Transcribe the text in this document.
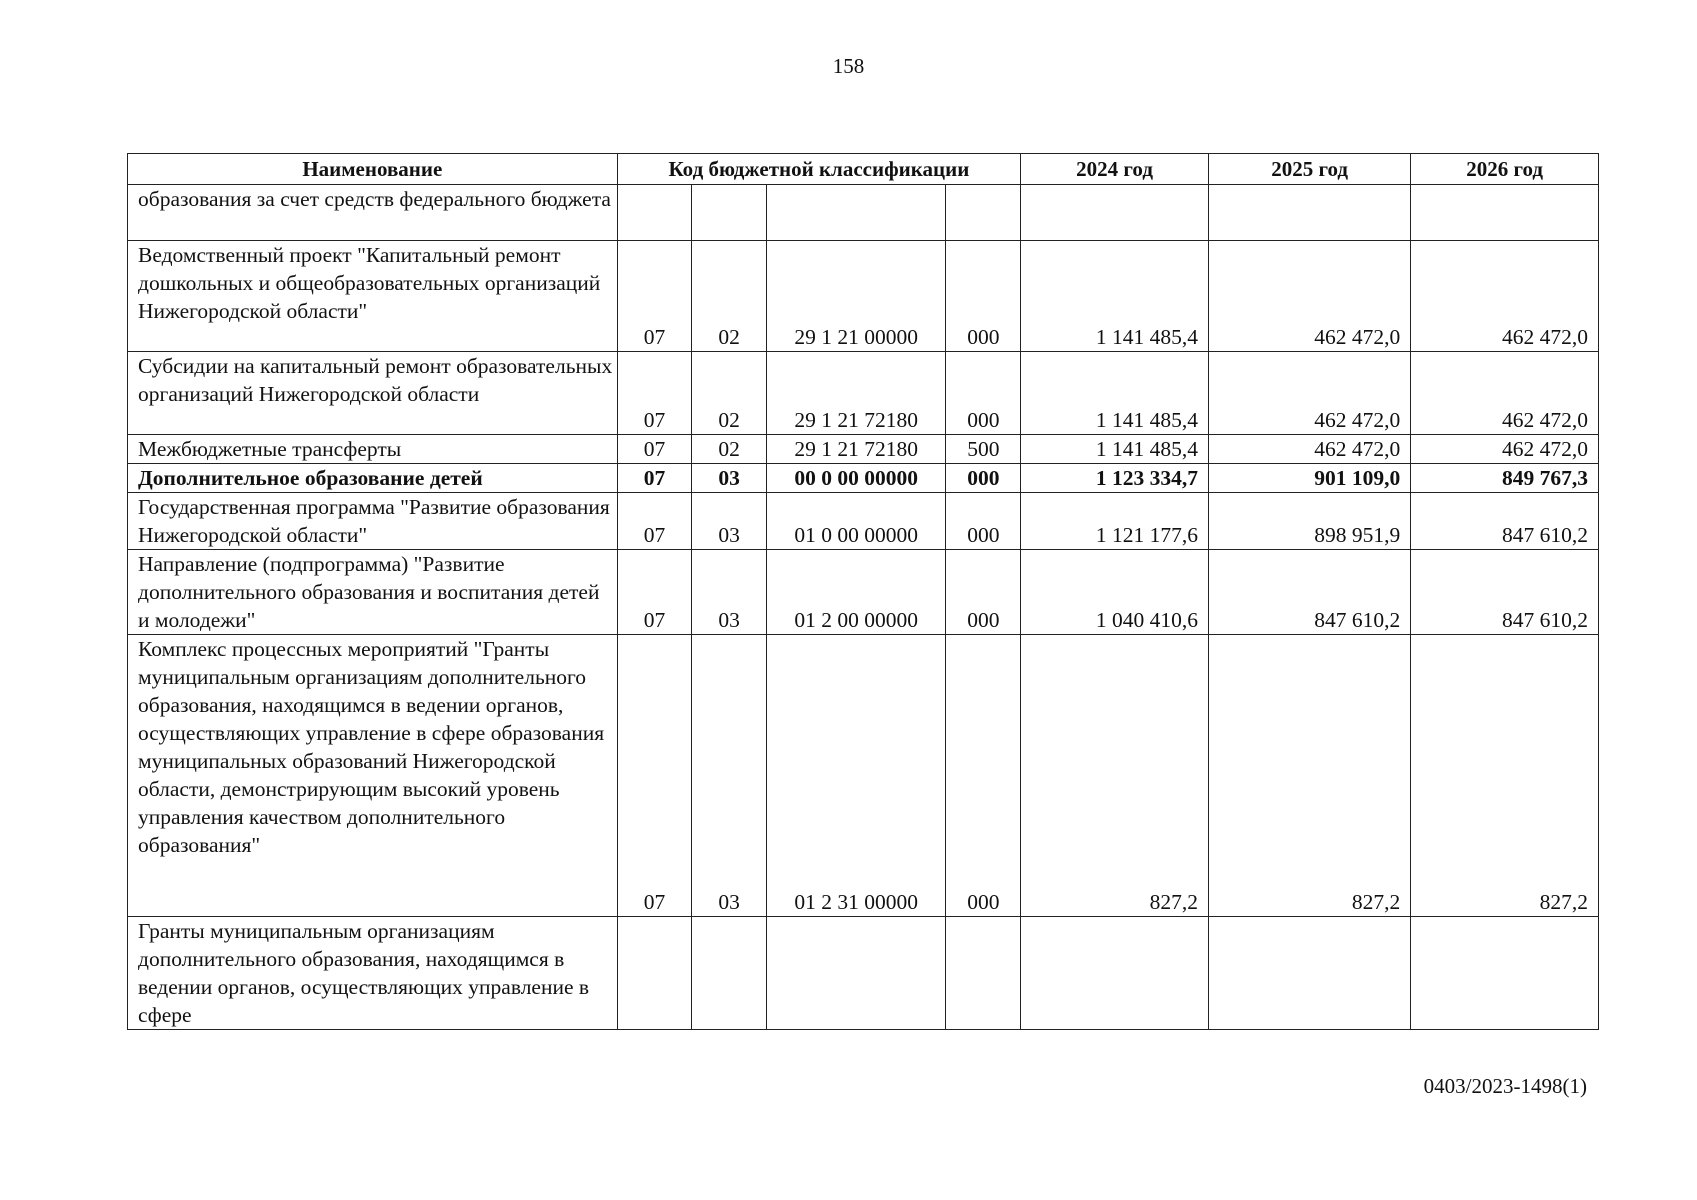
158
Наименование	Код бюджетной классификации				2024 год	2025 год	2026 год
образования за счет средств федерального бюджета							
Ведомственный проект "Капитальный ремонт дошкольных и общеобразовательных организаций Нижегородской области"	07	02	29 1 21 00000	000	1 141 485,4	462 472,0	462 472,0
Субсидии на капитальный ремонт образовательных организаций Нижегородской области	07	02	29 1 21 72180	000	1 141 485,4	462 472,0	462 472,0
Межбюджетные трансферты	07	02	29 1 21 72180	500	1 141 485,4	462 472,0	462 472,0
Дополнительное образование детей	07	03	00 0 00 00000	000	1 123 334,7	901 109,0	849 767,3
Государственная программа "Развитие образования Нижегородской области"	07	03	01 0 00 00000	000	1 121 177,6	898 951,9	847 610,2
Направление (подпрограмма) "Развитие дополнительного образования и воспитания детей и молодежи"	07	03	01 2 00 00000	000	1 040 410,6	847 610,2	847 610,2
Комплекс процессных мероприятий "Гранты муниципальным организациям дополнительного образования, находящимся в ведении органов, осуществляющих управление в сфере образования муниципальных образований Нижегородской области, демонстрирующим высокий уровень управления качеством дополнительного образования"	07	03	01 2 31 00000	000	827,2	827,2	827,2
Гранты муниципальным организациям дополнительного образования, находящимся в ведении органов, осуществляющих управление в сфере							
0403/2023-1498(1)
